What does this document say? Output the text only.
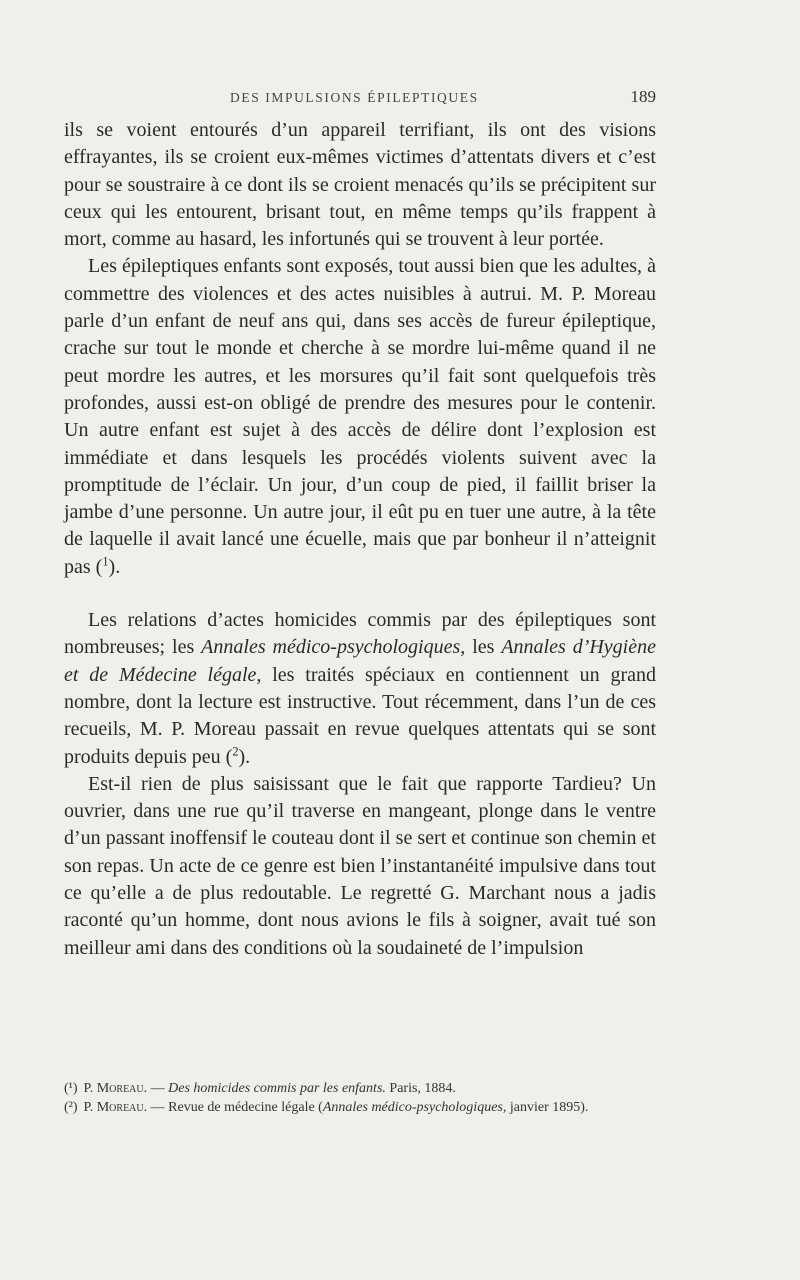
DES IMPULSIONS ÉPILEPTIQUES	189

ils se voient entourés d’un appareil terrifiant, ils ont des visions effrayantes, ils se croient eux-mêmes victimes d’attentats divers et c’est pour se soustraire à ce dont ils se croient menacés qu’ils se précipitent sur ceux qui les entourent, brisant tout, en même temps qu’ils frappent à mort, comme au hasard, les infortunés qui se trouvent à leur portée.

Les épileptiques enfants sont exposés, tout aussi bien que les adultes, à commettre des violences et des actes nuisibles à autrui. M. P. Moreau parle d’un enfant de neuf ans qui, dans ses accès de fureur épileptique, crache sur tout le monde et cherche à se mordre lui-même quand il ne peut mordre les autres, et les morsures qu’il fait sont quelquefois très profondes, aussi est-on obligé de prendre des mesures pour le contenir. Un autre enfant est sujet à des accès de délire dont l’explosion est immédiate et dans lesquels les procédés violents suivent avec la promptitude de l’éclair. Un jour, d’un coup de pied, il faillit briser la jambe d’une personne. Un autre jour, il eût pu en tuer une autre, à la tête de laquelle il avait lancé une écuelle, mais que par bonheur il n’atteignit pas ($^1$).

Les relations d’actes homicides commis par des épileptiques sont nombreuses; les Annales médico-psychologiques, les Annales d’Hygiène et de Médecine légale, les traités spéciaux en contiennent un grand nombre, dont la lecture est instructive. Tout récemment, dans l’un de ces recueils, M. P. Moreau passait en revue quelques attentats qui se sont produits depuis peu ($^2$).

Est-il rien de plus saisissant que le fait que rapporte Tardieu? Un ouvrier, dans une rue qu’il traverse en mangeant, plonge dans le ventre d’un passant inoffensif le couteau dont il se sert et continue son chemin et son repas. Un acte de ce genre est bien l’instantanéité impulsive dans tout ce qu’elle a de plus redoutable. Le regretté G. Marchant nous a jadis raconté qu’un homme, dont nous avions le fils à soigner, avait tué son meilleur ami dans des conditions où la soudaineté de l’impulsion

(¹) P. Moreau. — Des homicides commis par les enfants. Paris, 1884.

(²) P. Moreau. — Revue de médecine légale (Annales médico-psychologiques, janvier 1895).
